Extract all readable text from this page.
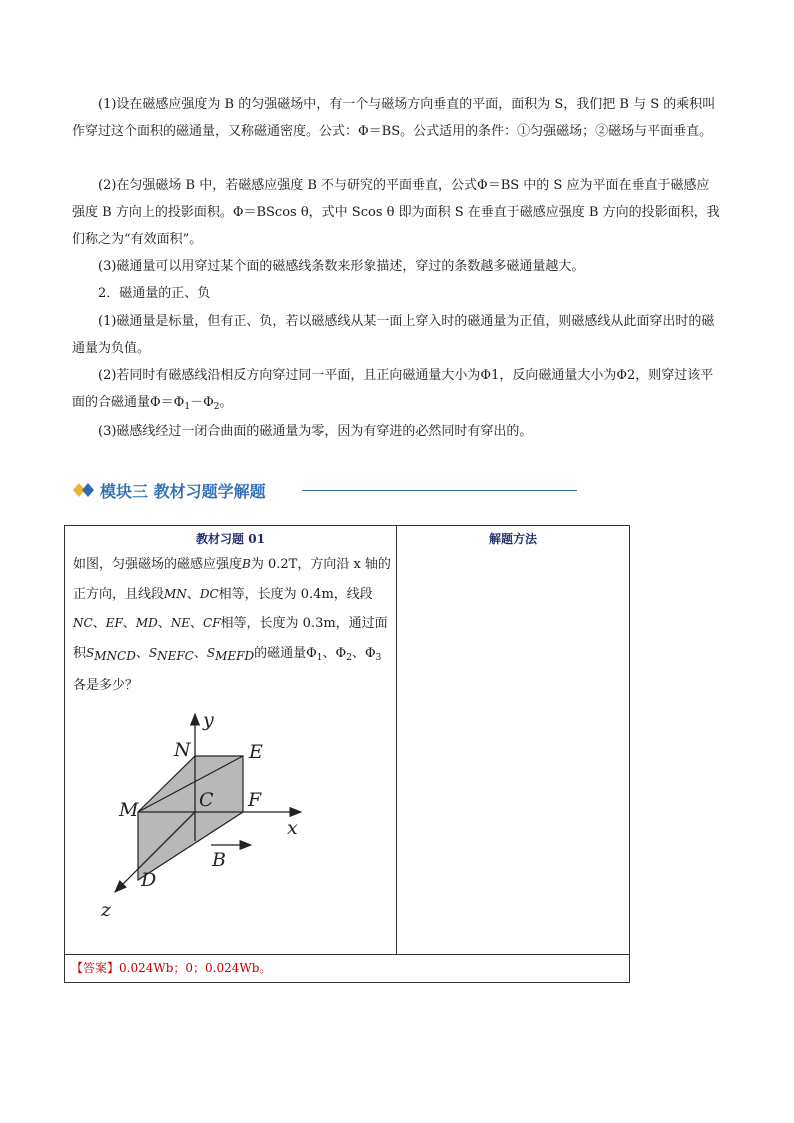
(1)设在磁感应强度为 B 的匀强磁场中，有一个与磁场方向垂直的平面，面积为 S，我们把 B 与 S 的乘积叫作穿过这个面积的磁通量，又称磁通密度。公式：Φ＝BS。公式适用的条件：①匀强磁场；②磁场与平面垂直。

(2)在匀强磁场 B 中，若磁感应强度 B 不与研究的平面垂直，公式Φ＝BS 中的 S 应为平面在垂直于磁感应强度 B 方向上的投影面积。Φ＝BScos θ，式中 Scos θ 即为面积 S 在垂直于磁感应强度 B 方向的投影面积，我们称之为“有效面积”。

(3)磁通量可以用穿过某个面的磁感线条数来形象描述，穿过的条数越多磁通量越大。

2．磁通量的正、负

(1)磁通量是标量，但有正、负，若以磁感线从某一面上穿入时的磁通量为正值，则磁感线从此面穿出时的磁通量为负值。

(2)若同时有磁感线沿相反方向穿过同一平面，且正向磁通量大小为Φ1，反向磁通量大小为Φ2，则穿过该平面的合磁通量$\Phi=\Phi_1-\Phi_2$。

(3)磁感线经过一闭合曲面的磁通量为零，因为有穿进的必然同时有穿出的。

模块三 教材习题学解题
教材习题 01	解题方法
如图，匀强磁场的磁感应强度B为 0.2T，方向沿 x 轴的正方向，且线段MN、DC相等，长度为 0.4m，线段NC、EF、MD、NE、CF相等，长度为 0.3m，通过面积SMNCD、SNEFC、SMEFD的磁通量$\Phi_1$、$\Phi_2$、$\Phi_3$各是多少？
y
N	E
M	C F
x
B
D
z
【答案】0.024Wb；0；0.024Wb。
